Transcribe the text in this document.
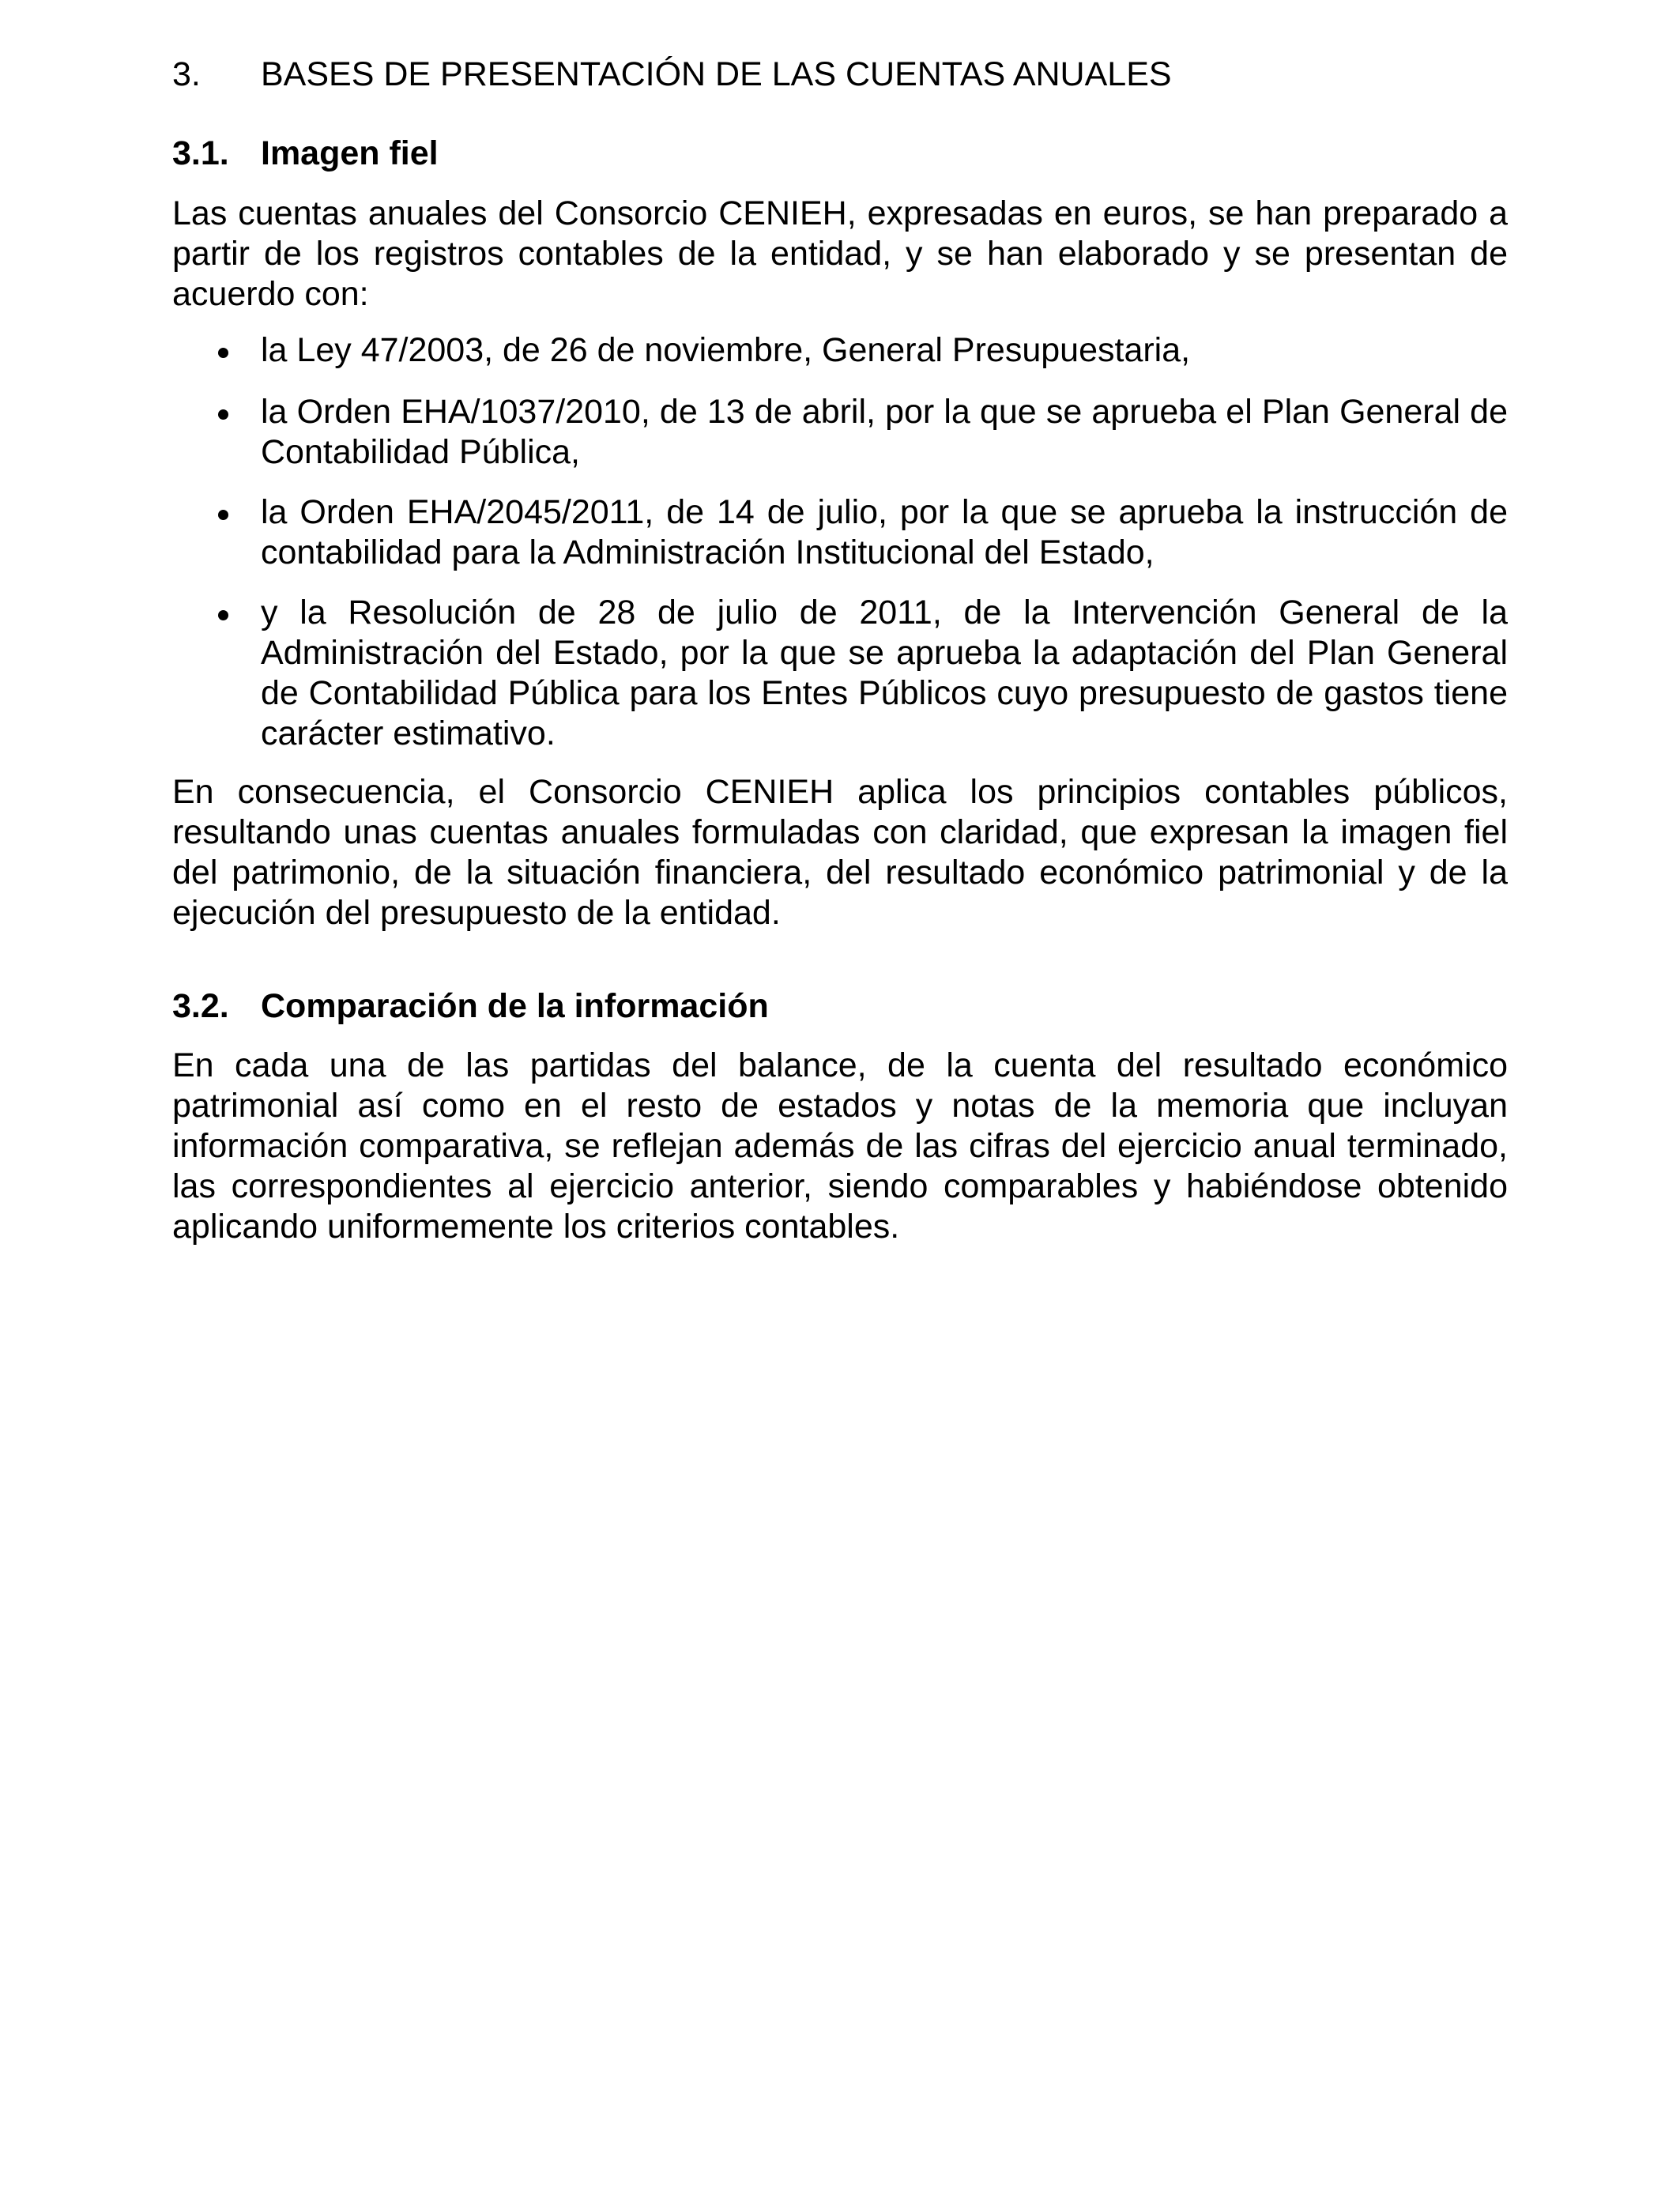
3. BASES DE PRESENTACIÓN DE LAS CUENTAS ANUALES
3.1. Imagen fiel

Las cuentas anuales del Consorcio CENIEH, expresadas en euros, se han preparado a partir de los registros contables de la entidad, y se han elaborado y se presentan de acuerdo con:

la Ley 47/2003, de 26 de noviembre, General Presupuestaria,
la Orden EHA/1037/2010, de 13 de abril, por la que se aprueba el Plan General de Contabilidad Pública,
la Orden EHA/2045/2011, de 14 de julio, por la que se aprueba la instrucción de contabilidad para la Administración Institucional del Estado,
y la Resolución de 28 de julio de 2011, de la Intervención General de la Administración del Estado, por la que se aprueba la adaptación del Plan General de Contabilidad Pública para los Entes Públicos cuyo presupuesto de gastos tiene carácter estimativo.

En consecuencia, el Consorcio CENIEH aplica los principios contables públicos, resultando unas cuentas anuales formuladas con claridad, que expresan la imagen fiel del patrimonio, de la situación financiera, del resultado económico patrimonial y de la ejecución del presupuesto de la entidad.

3.2. Comparación de la información

En cada una de las partidas del balance, de la cuenta del resultado económico patrimonial así como en el resto de estados y notas de la memoria que incluyan información comparativa, se reflejan además de las cifras del ejercicio anual terminado, las correspondientes al ejercicio anterior, siendo comparables y habiéndose obtenido aplicando uniformemente los criterios contables.
